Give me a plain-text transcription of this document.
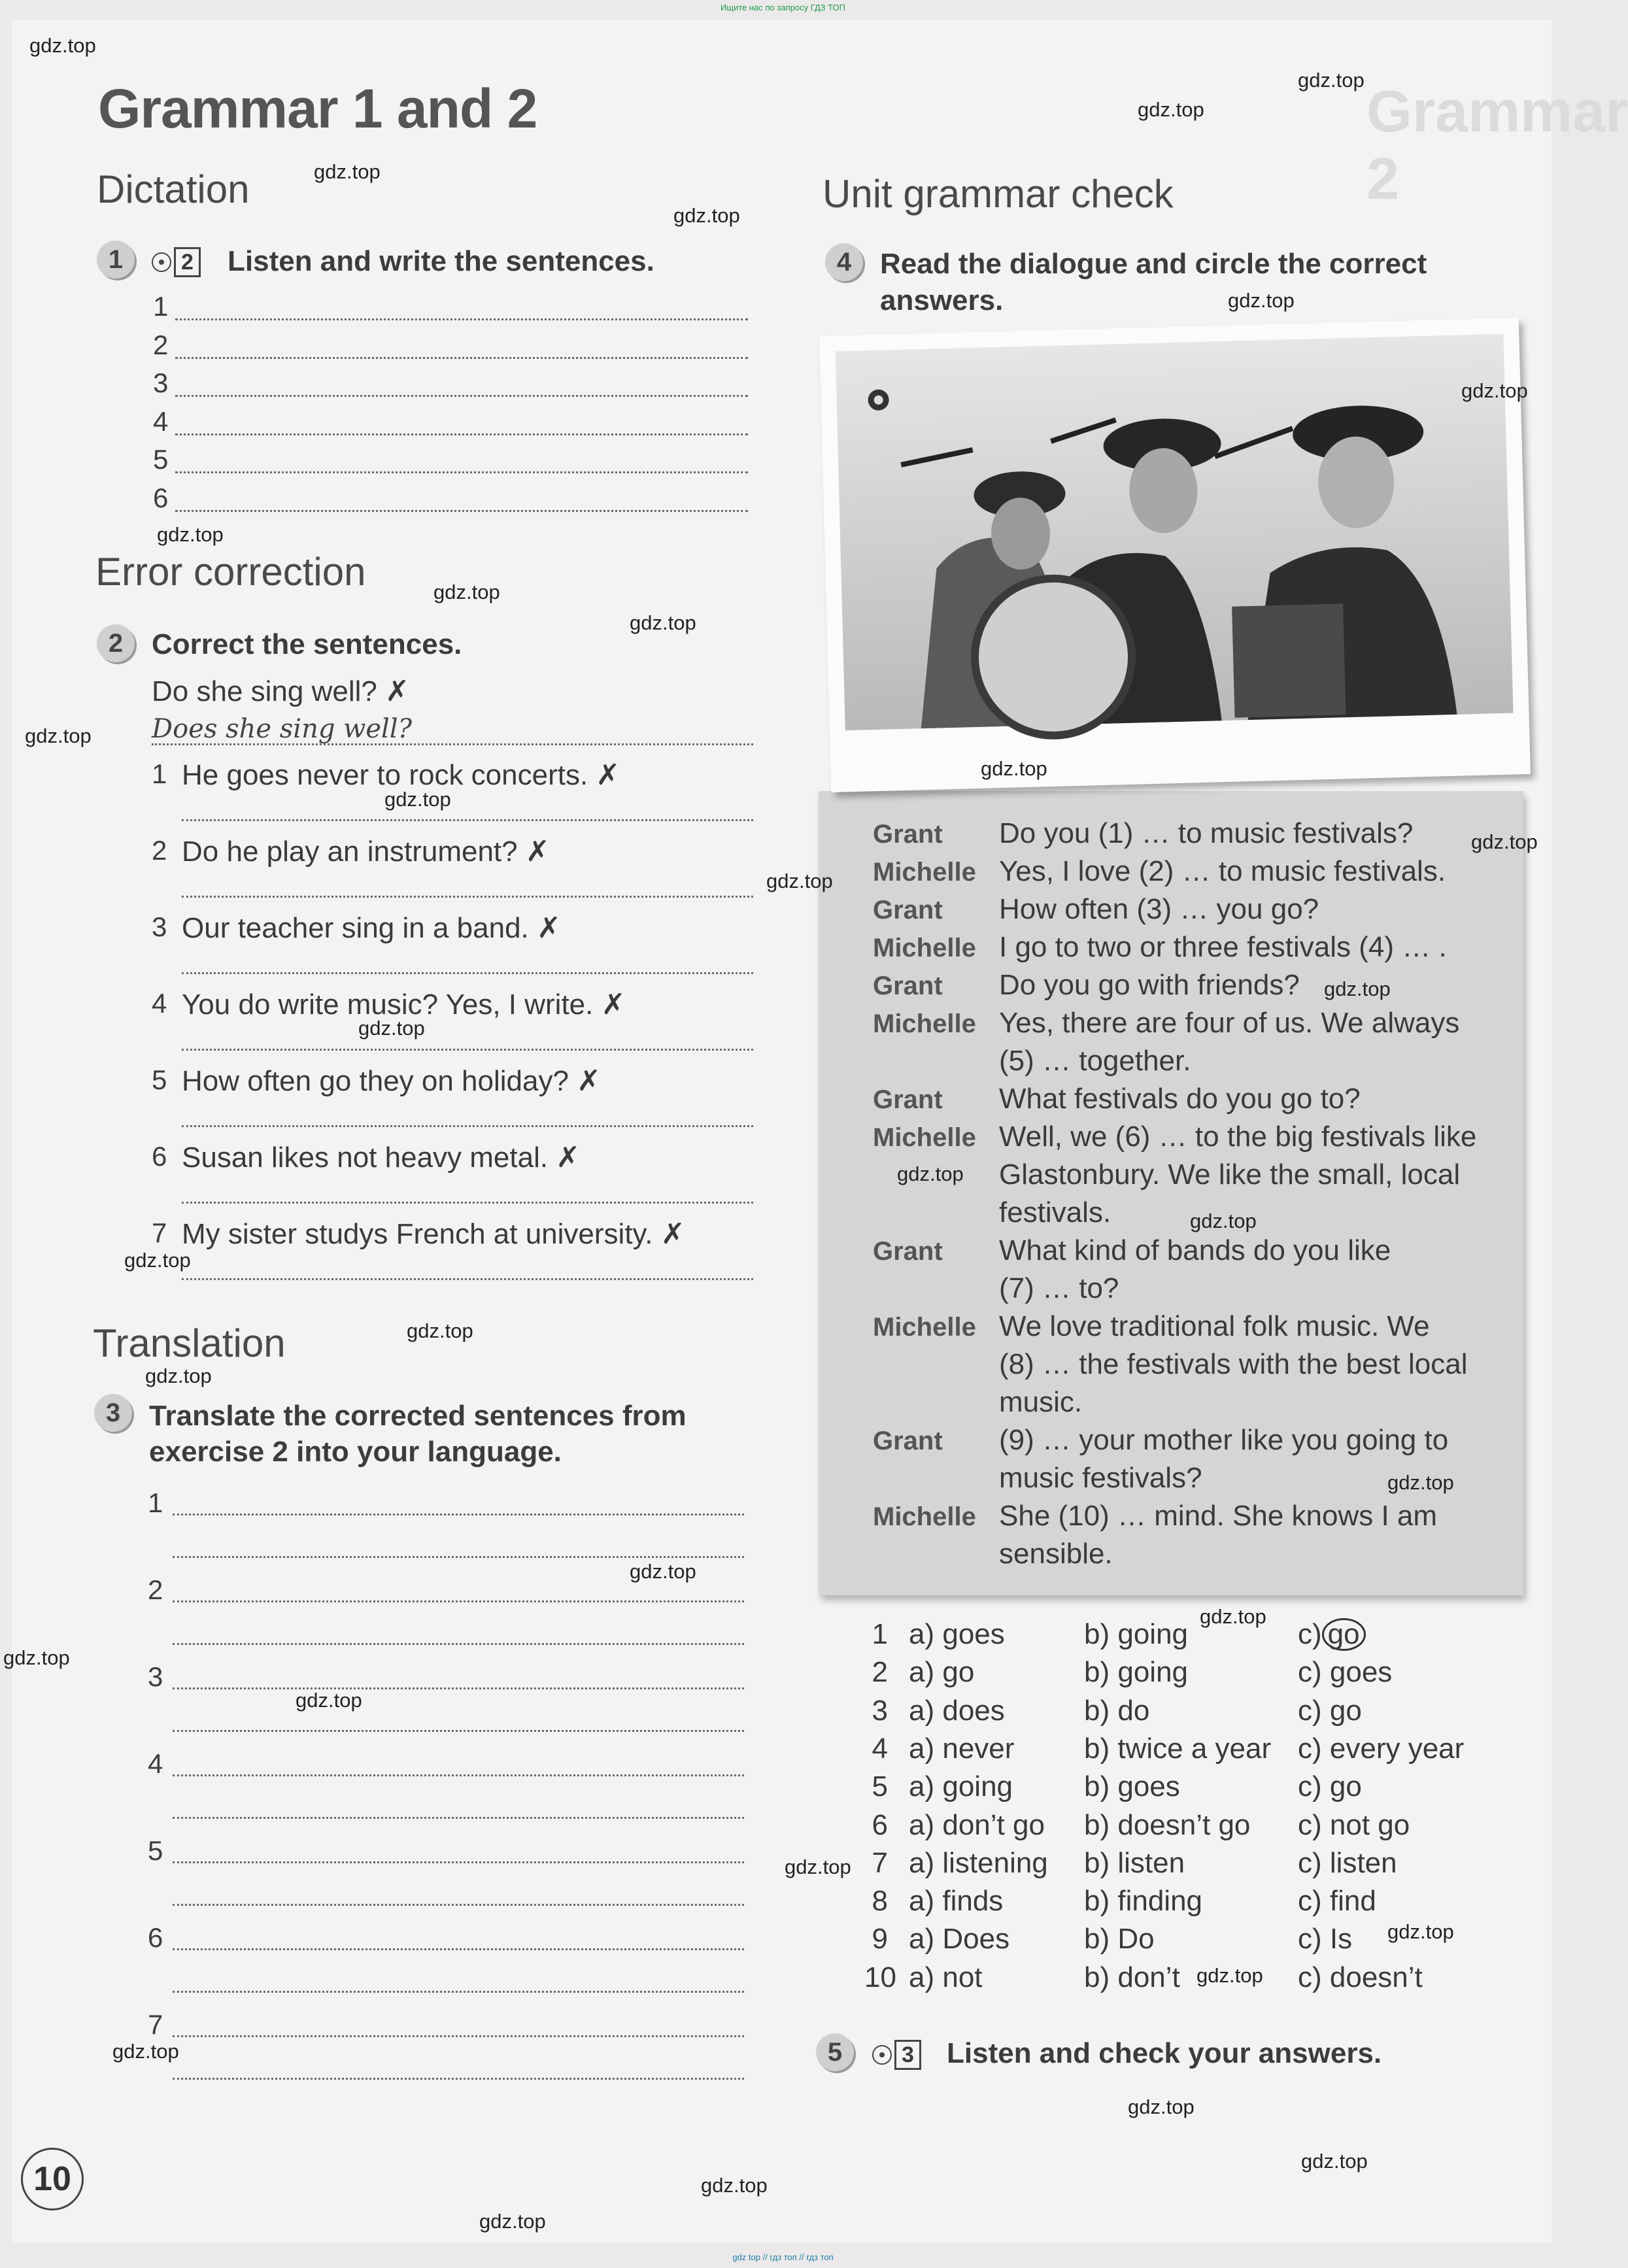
Ищите нас по запросу ГДЗ ТОП
Grammar 2
Grammar 1 and 2
Dictation
1	2 Listen and write the sentences.
1
2
3
4
5
6
Error correction
2 Correct the sentences.
Do she sing well? ✗
Does she sing well?
1 He goes never to rock concerts. ✗
2 Do he play an instrument? ✗
3 Our teacher sing in a band. ✗
4 You do write music? Yes, I write. ✗
5 How often go they on holiday? ✗
6 Susan likes not heavy metal. ✗
7 My sister studys French at university. ✗
Translation
3 Translate the corrected sentences from
exercise 2 into your language.
1
2
3
4
5
6
7
Unit grammar check
4 Read the dialogue and circle the correct
answers.
Grant Do you (1) … to music festivals?
Michelle Yes, I love (2) … to music festivals.
Grant How often (3) … you go?
Michelle I go to two or three festivals (4) … .
Grant Do you go with friends?
Michelle Yes, there are four of us. We always
(5) … together.
Grant What festivals do you go to?
Michelle Well, we (6) … to the big festivals like
Glastonbury. We like the small, local
festivals.
Grant What kind of bands do you like
(7) … to?
Michelle We love traditional folk music. We
(8) … the festivals with the best local
music.
Grant (9) … your mother like you going to
music festivals?
Michelle She (10) … mind. She knows I am
sensible.
1 a) goes	b) going	c) go
2 a) go	b) going	c) goes
3 a) does	b) do	c) go
4 a) never b) twice a year c) every year
5 a) going b) goes	c) go
6 a) don’t go b) doesn’t go c) not go
7 a) listening b) listen	c) listen
8 a) finds	b) finding	c) find
9 a) Does	b) Do	c) Is
10 a) not	b) don’t	c) doesn’t
5	3 Listen and check your answers.
10
gdz.top
gdz.top
gdz.top
gdz.top
gdz.top
gdz.top
gdz.top
gdz.top
gdz.top
gdz.top
gdz.top
gdz.top
gdz.top
gdz.top
gdz.top
gdz.top
gdz.top
gdz.top
gdz.top
gdz.top
gdz.top
gdz.top
gdz.top
gdz.top
gdz.top
gdz.top
gdz.top
gdz.top
gdz.top
gdz.top
gdz.top
gdz.top
gdz.top
gdz.top
gdz.top
gdz top // гдз топ // гдз топ
